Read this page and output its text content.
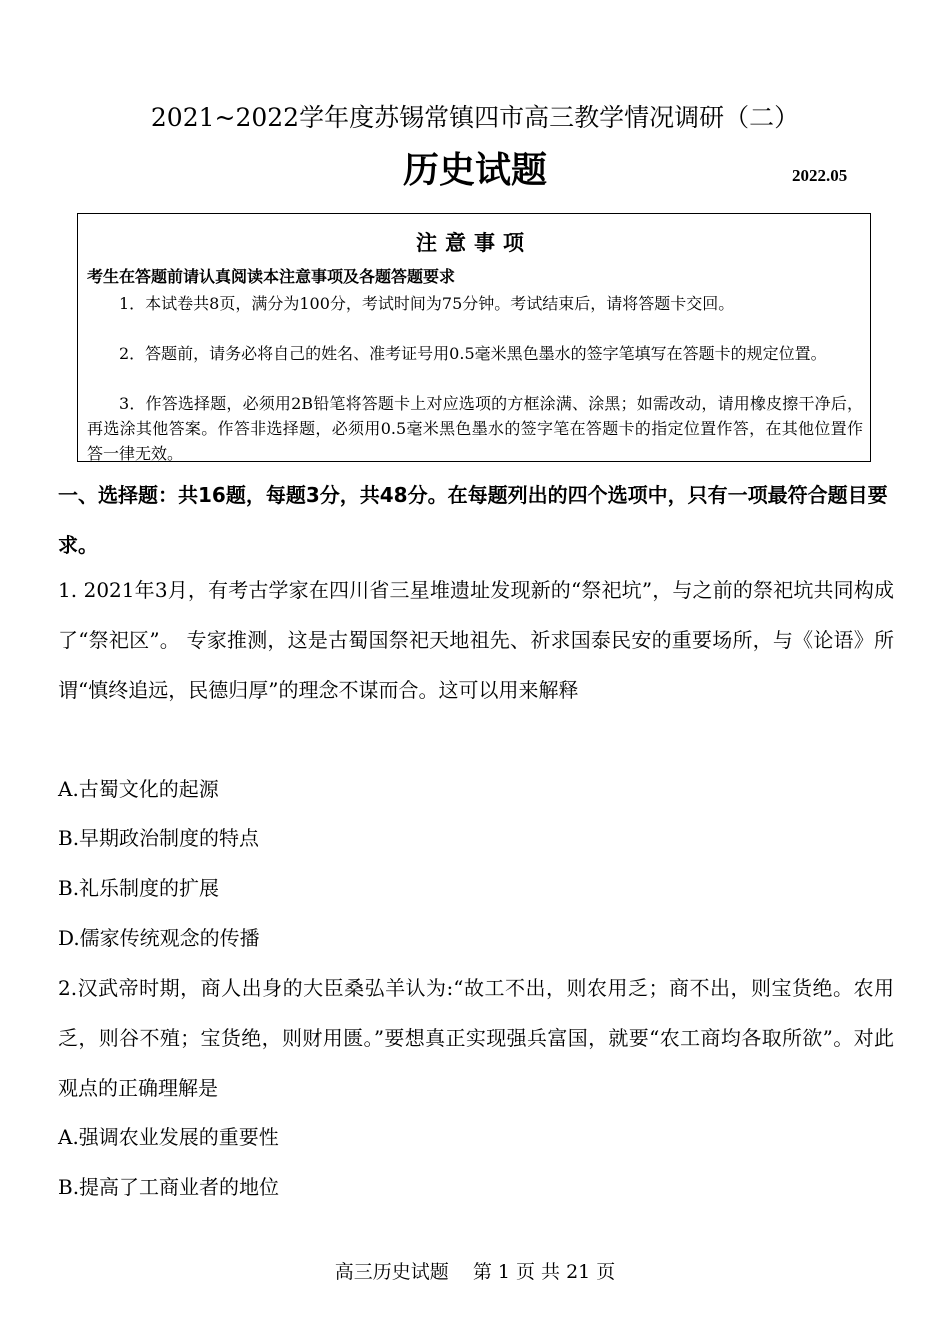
2021~2022学年度苏锡常镇四市高三教学情况调研（二）
历史试题	2022.05
注意事项
考生在答题前请认真阅读本注意事项及各题答题要求
1．本试卷共8页，满分为100分，考试时间为75分钟。考试结束后，请将答题卡交回。
2．答题前，请务必将自己的姓名、准考证号用0.5毫米黑色墨水的签字笔填写在答题卡的规定位置。
3．作答选择题，必须用2B铅笔将答题卡上对应选项的方框涂满、涂黑；如需改动，请用橡皮擦干净后，再选涂其他答案。作答非选择题，必须用0.5毫米黑色墨水的签字笔在答题卡的指定位置作答，在其他位置作答一律无效。
一、选择题：共16题，每题3分，共48分。在每题列出的四个选项中，只有一项最符合题目要求。
1. 2021年3月，有考古学家在四川省三星堆遗址发现新的“祭祀坑”，与之前的祭祀坑共同构成了“祭祀区”。 专家推测，这是古蜀国祭祀天地祖先、祈求国泰民安的重要场所，与《论语》所谓“慎终追远，民德归厚”的理念不谋而合。这可以用来解释
A.古蜀文化的起源
B.早期政治制度的特点
B.礼乐制度的扩展
D.儒家传统观念的传播
2.汉武帝时期，商人出身的大臣桑弘羊认为:“故工不出，则农用乏；商不出，则宝货绝。农用乏，则谷不殖；宝货绝，则财用匮。”要想真正实现强兵富国，就要“农工商均各取所欲”。对此观点的正确理解是
A.强调农业发展的重要性
B.提高了工商业者的地位
高三历史试题    第 1 页 共 21 页
